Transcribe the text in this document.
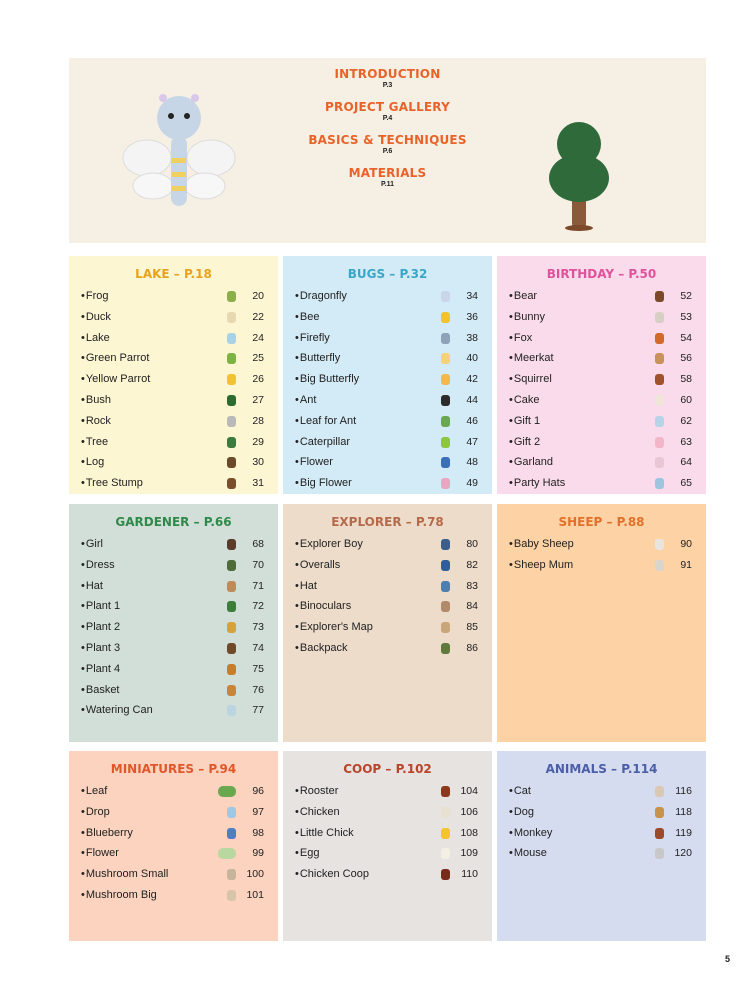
INTRODUCTION
P.3
PROJECT GALLERY
P.4
BASICS & TECHNIQUES
P.6
MATERIALS
P.11
LAKE – P.18
•Frog	20
•Duck	22
•Lake	24
•Green Parrot	25
•Yellow Parrot	26
•Bush	27
•Rock	28
•Tree	29
•Log	30
•Tree Stump	31
BUGS – P.32
•Dragonfly	34
•Bee	36
•Firefly	38
•Butterfly	40
•Big Butterfly	42
•Ant	44
•Leaf for Ant	46
•Caterpillar	47
•Flower	48
•Big Flower	49
BIRTHDAY – P.50
•Bear	52
•Bunny	53
•Fox	54
•Meerkat	56
•Squirrel	58
•Cake	60
•Gift 1	62
•Gift 2	63
•Garland	64
•Party Hats	65
GARDENER – P.66
•Girl	68
•Dress	70
•Hat	71
•Plant 1	72
•Plant 2	73
•Plant 3	74
•Plant 4	75
•Basket	76
•Watering Can	77
EXPLORER – P.78
•Explorer Boy	80
•Overalls	82
•Hat	83
•Binoculars	84
•Explorer's Map	85
•Backpack	86
SHEEP – P.88
•Baby Sheep	90
•Sheep Mum	91
MINIATURES – P.94
•Leaf	96
•Drop	97
•Blueberry	98
•Flower	99
•Mushroom Small	100
•Mushroom Big	101
COOP – P.102
•Rooster	104
•Chicken	106
•Little Chick	108
•Egg	109
•Chicken Coop	110
ANIMALS – P.114
•Cat	116
•Dog	118
•Monkey	119
•Mouse	120
5
